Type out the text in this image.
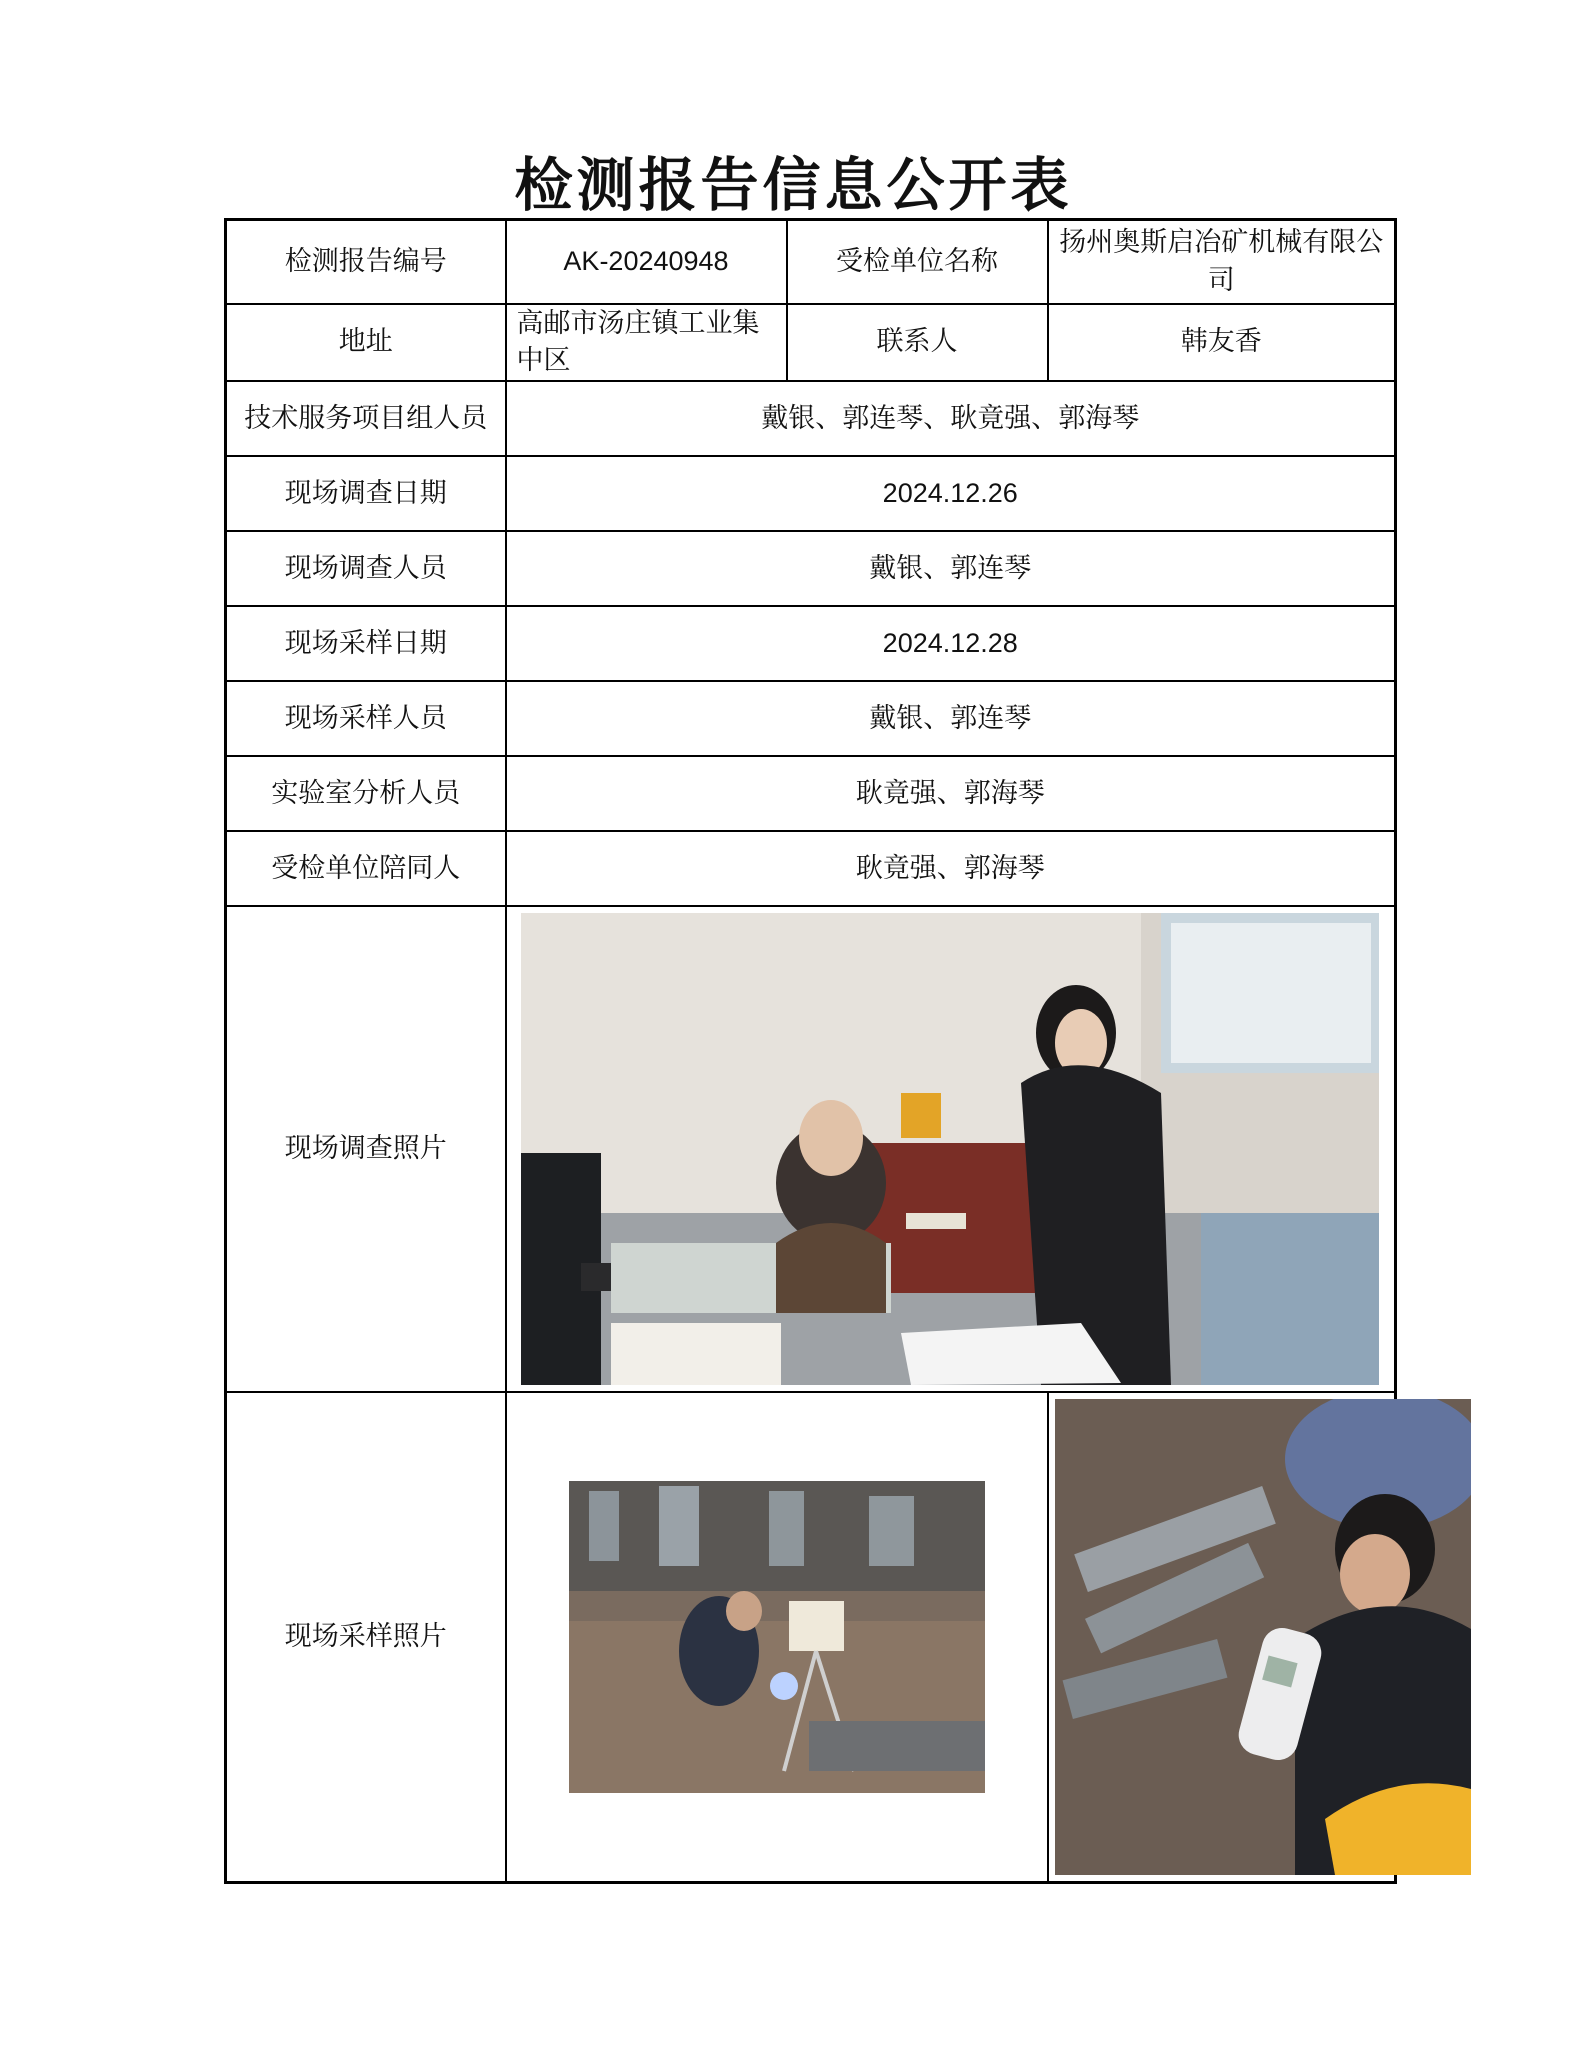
检测报告信息公开表
检测报告编号	AK-20240948	受检单位名称	扬州奥斯启冶矿机械有限公司
地址	高邮市汤庄镇工业集中区	联系人	韩友香
技术服务项目组人员	戴银、郭连琴、耿竟强、郭海琴		
现场调查日期	2024.12.26		
现场调查人员	戴银、郭连琴		
现场采样日期	2024.12.28		
现场采样人员	戴银、郭连琴		
实验室分析人员	耿竟强、郭海琴		
受检单位陪同人	耿竟强、郭海琴		
现场调查照片	

现场采样照片	
